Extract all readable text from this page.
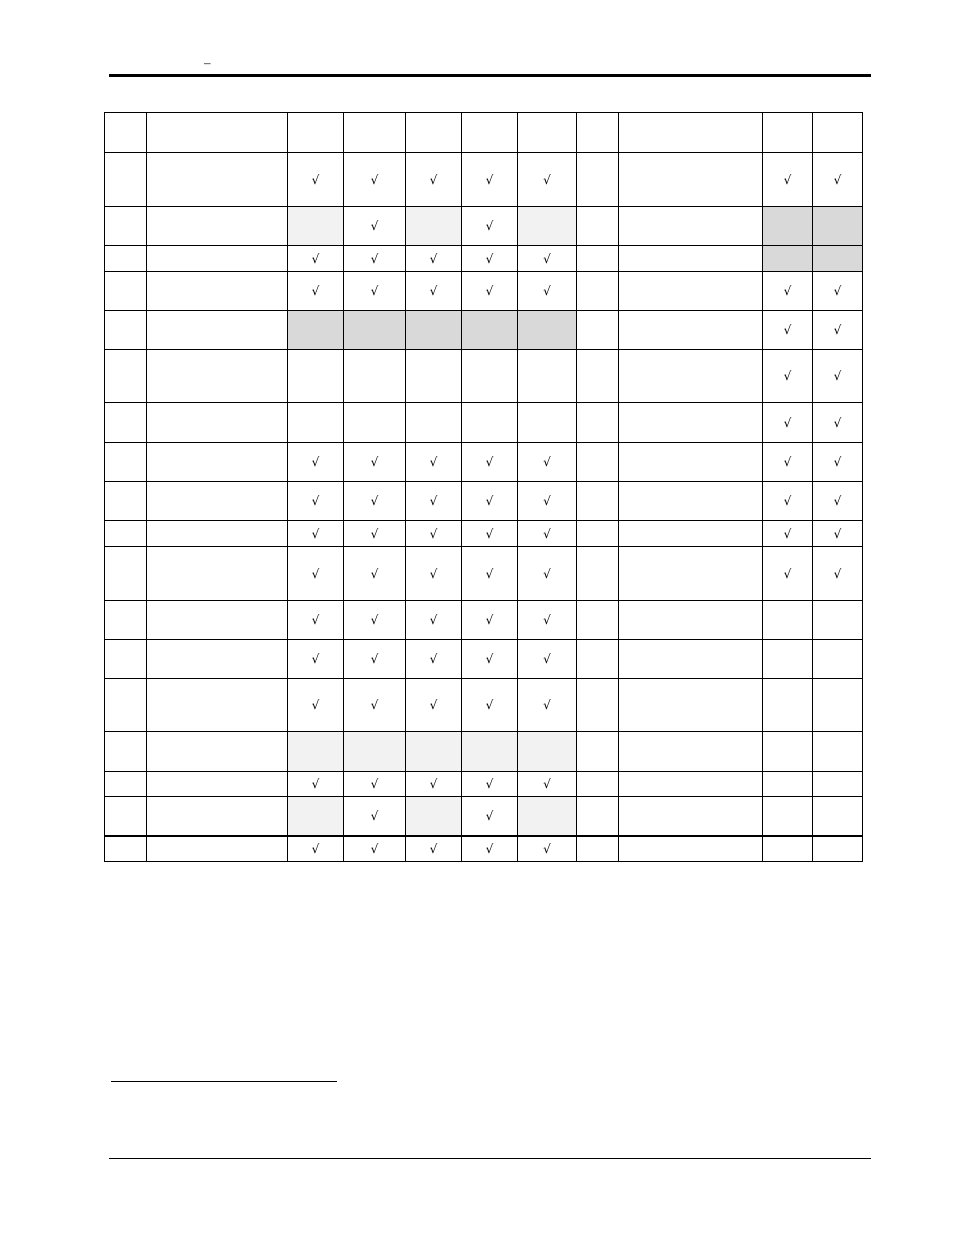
–

		√	√	√	√	√			√	√
			√		√					
		√	√	√	√	√				
		√	√	√	√	√			√	√
									√	√
									√	√
									√	√
		√	√	√	√	√			√	√
		√	√	√	√	√			√	√
		√	√	√	√	√			√	√
		√	√	√	√	√			√	√
		√	√	√	√	√				
		√	√	√	√	√				
		√	√	√	√	√				

		√	√	√	√	√				
			√		√					
		√	√	√	√	√				
